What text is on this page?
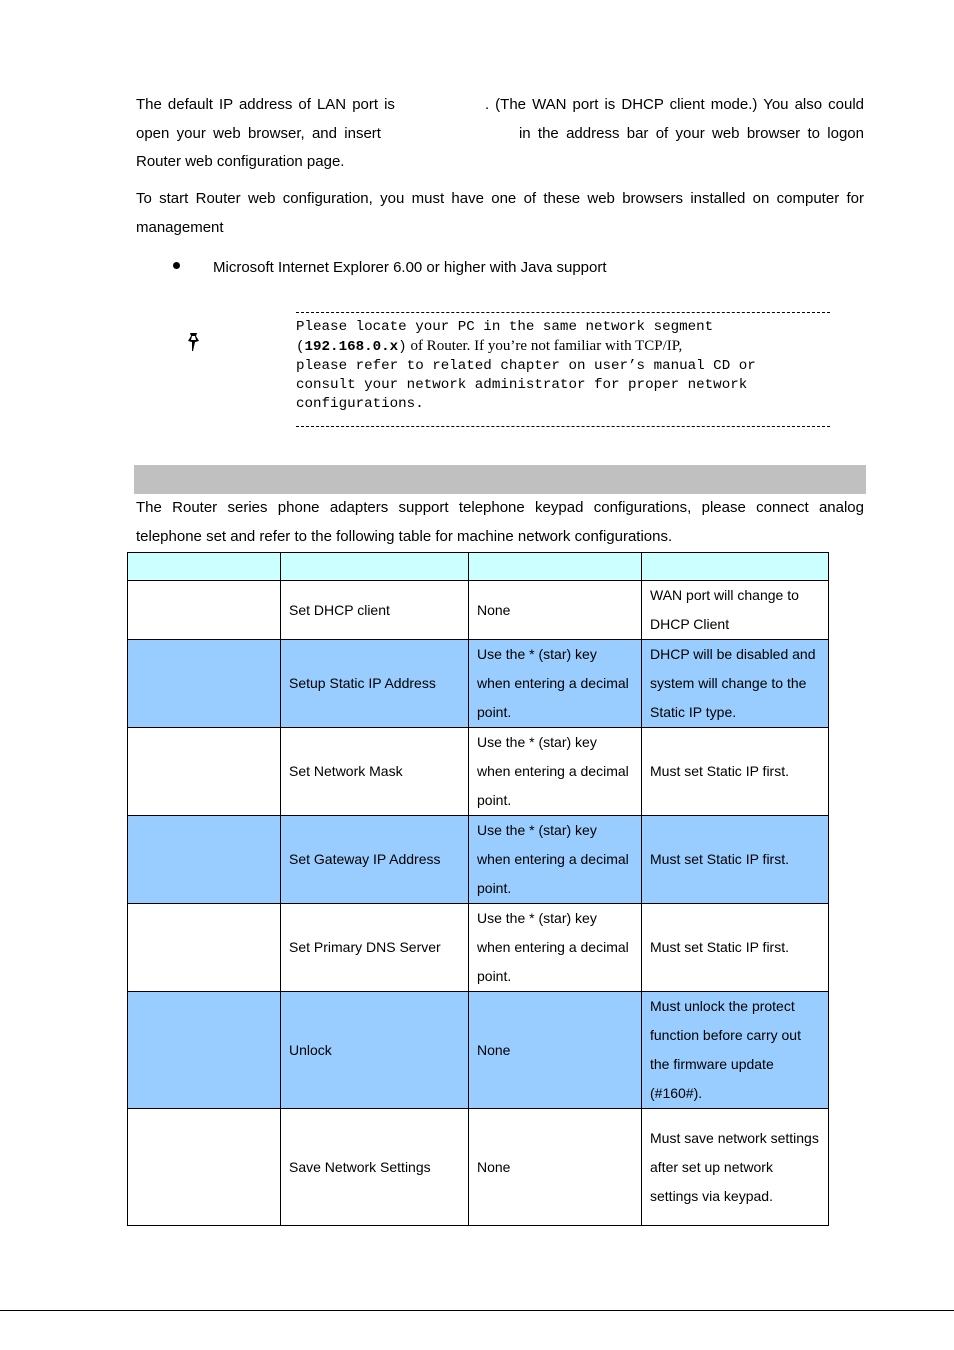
The default IP address of LAN port is	. (The WAN port is DHCP client mode.) You also could open your web browser, and insert	in the address bar of your web browser to logon Router web configuration page.
To start Router web configuration, you must have one of these web browsers installed on computer for management
Microsoft Internet Explorer 6.00 or higher with Java support
Please locate your PC in the same network segment
(192.168.0.x) of Router. If you’re not familiar with TCP/IP,
please refer to related chapter on user’s manual CD or
consult your network administrator for proper network
configurations.
The Router series phone adapters support telephone keypad configurations, please connect analog telephone set and refer to the following table for machine network configurations.

	Set DHCP client	None	WAN port will change to DHCP Client
	Setup Static IP Address	Use the * (star) key when entering a decimal point.	DHCP will be disabled and system will change to the Static IP type.
	Set Network Mask	Use the * (star) key when entering a decimal point.	Must set Static IP first.
	Set Gateway IP Address	Use the * (star) key when entering a decimal point.	Must set Static IP first.
	Set Primary DNS Server	Use the * (star) key when entering a decimal point.	Must set Static IP first.
	Unlock	None	Must unlock the protect function before carry out the firmware update (#160#).
	Save Network Settings	None	Must save network settings after set up network settings via keypad.
